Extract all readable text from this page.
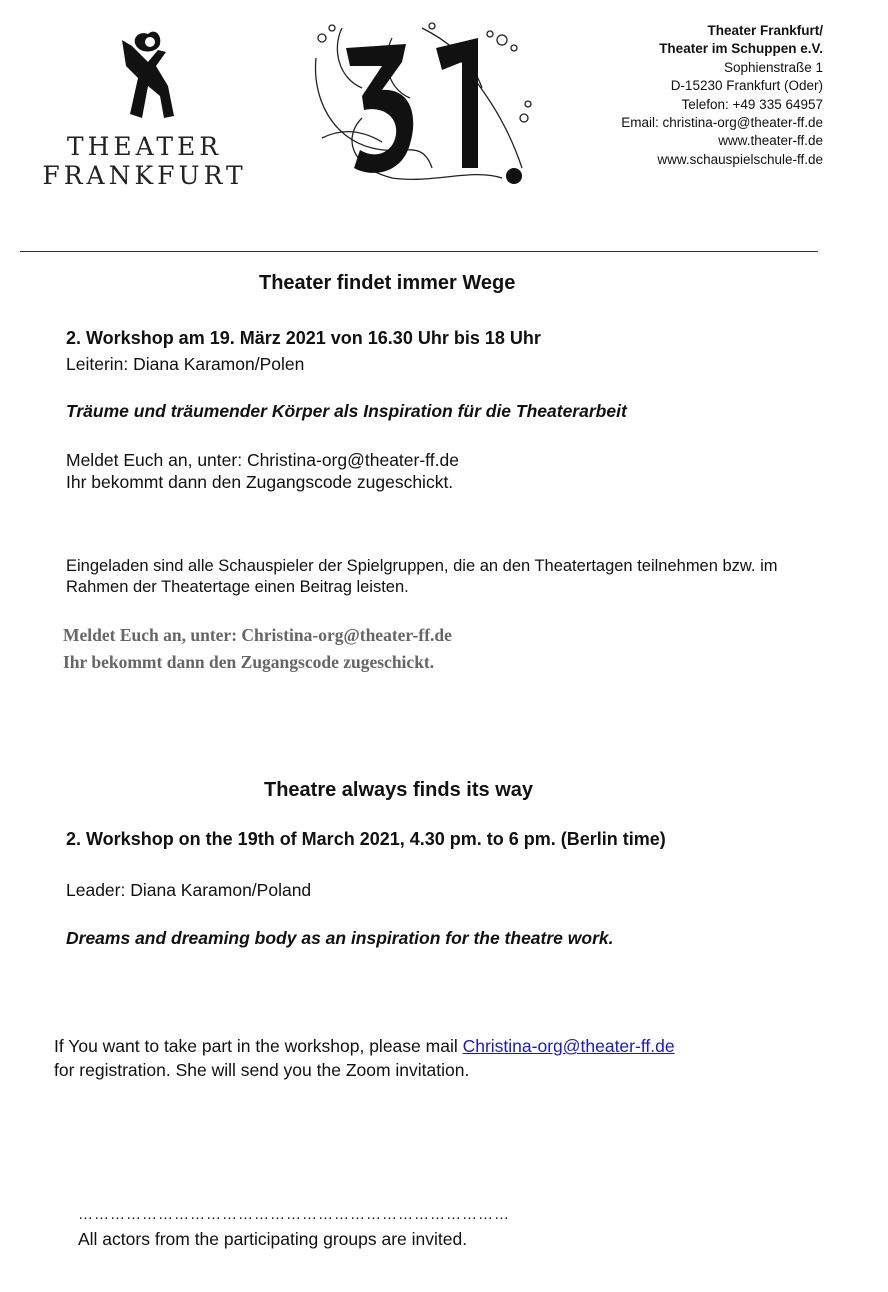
THEATER
FRANKFURT
Theater Frankfurt/
Theater im Schuppen e.V.
Sophienstraße 1
D-15230 Frankfurt (Oder)
Telefon: +49 335 64957
Email: christina-org@theater-ff.de
www.theater-ff.de
www.schauspielschule-ff.de
Theater findet immer Wege
2. Workshop am 19. März 2021 von 16.30 Uhr bis 18 Uhr
Leiterin: Diana Karamon/Polen
Träume und träumender Körper als Inspiration für die Theaterarbeit
Meldet Euch an, unter: Christina-org@theater-ff.de
Ihr bekommt dann den Zugangscode zugeschickt.
Eingeladen sind alle Schauspieler der Spielgruppen, die an den Theatertagen teilnehmen bzw. im
Rahmen der Theatertage einen Beitrag leisten.
Meldet Euch an, unter: Christina-org@theater-ff.de
Ihr bekommt dann den Zugangscode zugeschickt.
Theatre always finds its way
2. Workshop on the 19th of March 2021, 4.30 pm. to 6 pm. (Berlin time)
Leader: Diana Karamon/Poland
Dreams and dreaming body as an inspiration for the theatre work.
If You want to take part in the workshop, please mail Christina-org@theater-ff.de
for registration. She will send you the Zoom invitation.
………………………………………………………………………
All actors from the participating groups are invited.
